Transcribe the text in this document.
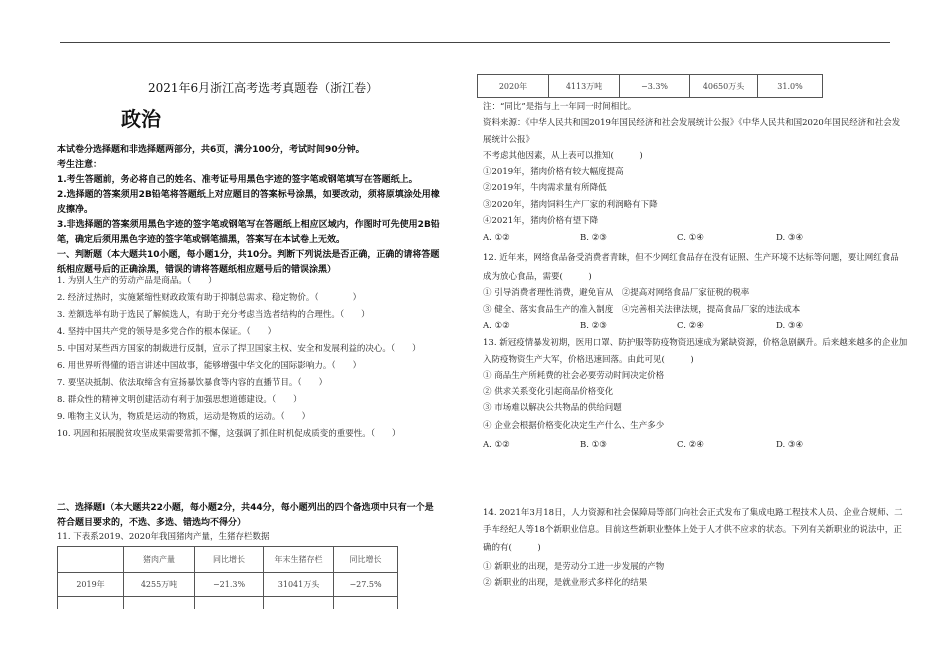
2021年6月浙江高考选考真题卷（浙江卷）
政治
11. 下表系2019、2020年我国猪肉产量，生猪存栏数据
	猪肉产量	同比增长	年末生猪存栏	同比增长
2019年	4255万吨	−21.3%	31041万头	−27.5%

2020年	4113万吨	−3.3%	40650万头	31.0%
本试卷分选择题和非选择题两部分，共6页，满分100分，考试时间90分钟。
考生注意：
1.考生答题前，务必将自己的姓名、准考证号用黑色字迹的签字笔或钢笔填写在答题纸上。
2.选择题的答案须用2B铅笔将答题纸上对应题目的答案标号涂黑，如要改动，须将原填涂处用橡
皮擦净。
3.非选择题的答案须用黑色字迹的签字笔或钢笔写在答题纸上相应区域内，作图时可先使用2B铅
笔，确定后须用黑色字迹的签字笔或钢笔描黑，答案写在本试卷上无效。
一、判断题（本大题共10小题，每小题1分，共10分。判断下列说法是否正确，正确的请将答题
纸相应题号后的正确涂黑，错误的请将答题纸相应题号后的错误涂黑）
1. 为别人生产的劳动产品是商品。（　　）
2. 经济过热时，实施紧缩性财政政策有助于抑制总需求、稳定物价。（　　　　）
3. 差额选举有助于选民了解候选人，有助于充分考虑当选者结构的合理性。（　　）
4. 坚持中国共产党的领导是多党合作的根本保证。（　　）
5. 中国对某些西方国家的制裁进行反制，宣示了捍卫国家主权、安全和发展利益的决心。（　　）
6. 用世界听得懂的语言讲述中国故事，能够增强中华文化的国际影响力。（　　）
7. 要坚决抵制、依法取缔含有宣扬暴饮暴食等内容的直播节目。（　　）
8. 群众性的精神文明创建活动有利于加强思想道德建设。（　　）
9. 唯物主义认为，物质是运动的物质，运动是物质的运动。（　　）
10. 巩固和拓展脱贫攻坚成果需要常抓不懈，这强调了抓住时机促成质变的重要性。（　　）
二、选择题Ⅰ（本大题共22小题，每小题2分，共44分，每小题列出的四个备选项中只有一个是
符合题目要求的，不选、多选、错选均不得分）
注：“同比”是指与上一年同一时间相比。
资料来源：《中华人民共和国2019年国民经济和社会发展统计公报》《中华人民共和国2020年国民经济和社会发
展统计公报》
不考虑其他因素，从上表可以推知(　　　)
①2019年，猪肉价格有较大幅度提高
②2019年，牛肉需求量有所降低
③2020年，猪肉饲料生产厂家的利润略有下降
④2021年，猪肉价格有望下降
A. ①②	B. ②③	C. ①④	D. ③④
12. 近年来，网络食品备受消费者青睐，但不少网红食品存在没有证照、生产环境不达标等问题，要让网红食品
成为放心食品，需要(　　　)
① 引导消费者理性消费，避免盲从　②提高对网络食品厂家征税的税率
③ 健全、落实食品生产的准入制度　④完善相关法律法规，提高食品厂家的违法成本
A. ①②	B. ②③	C. ②④	D. ③④
13. 新冠疫情暴发初期，医用口罩、防护服等防疫物资迅速成为紧缺资源，价格急剧飙升。后来越来越多的企业加
入防疫物资生产大军，价格迅速回落。由此可见(　　　)
① 商品生产所耗费的社会必要劳动时间决定价格
② 供求关系变化引起商品价格变化
③ 市场难以解决公共物品的供给问题
④ 企业会根据价格变化决定生产什么、生产多少
A. ①②	B. ①③	C. ②④	D. ③④
14. 2021年3月18日，人力资源和社会保障局等部门向社会正式发布了集成电路工程技术人员、企业合规师、二
手车经纪人等18个新职业信息。目前这些新职业整体上处于人才供不应求的状态。下列有关新职业的说法中，正
确的有(　　　)
① 新职业的出现，是劳动分工进一步发展的产物
② 新职业的出现，是就业形式多样化的结果
